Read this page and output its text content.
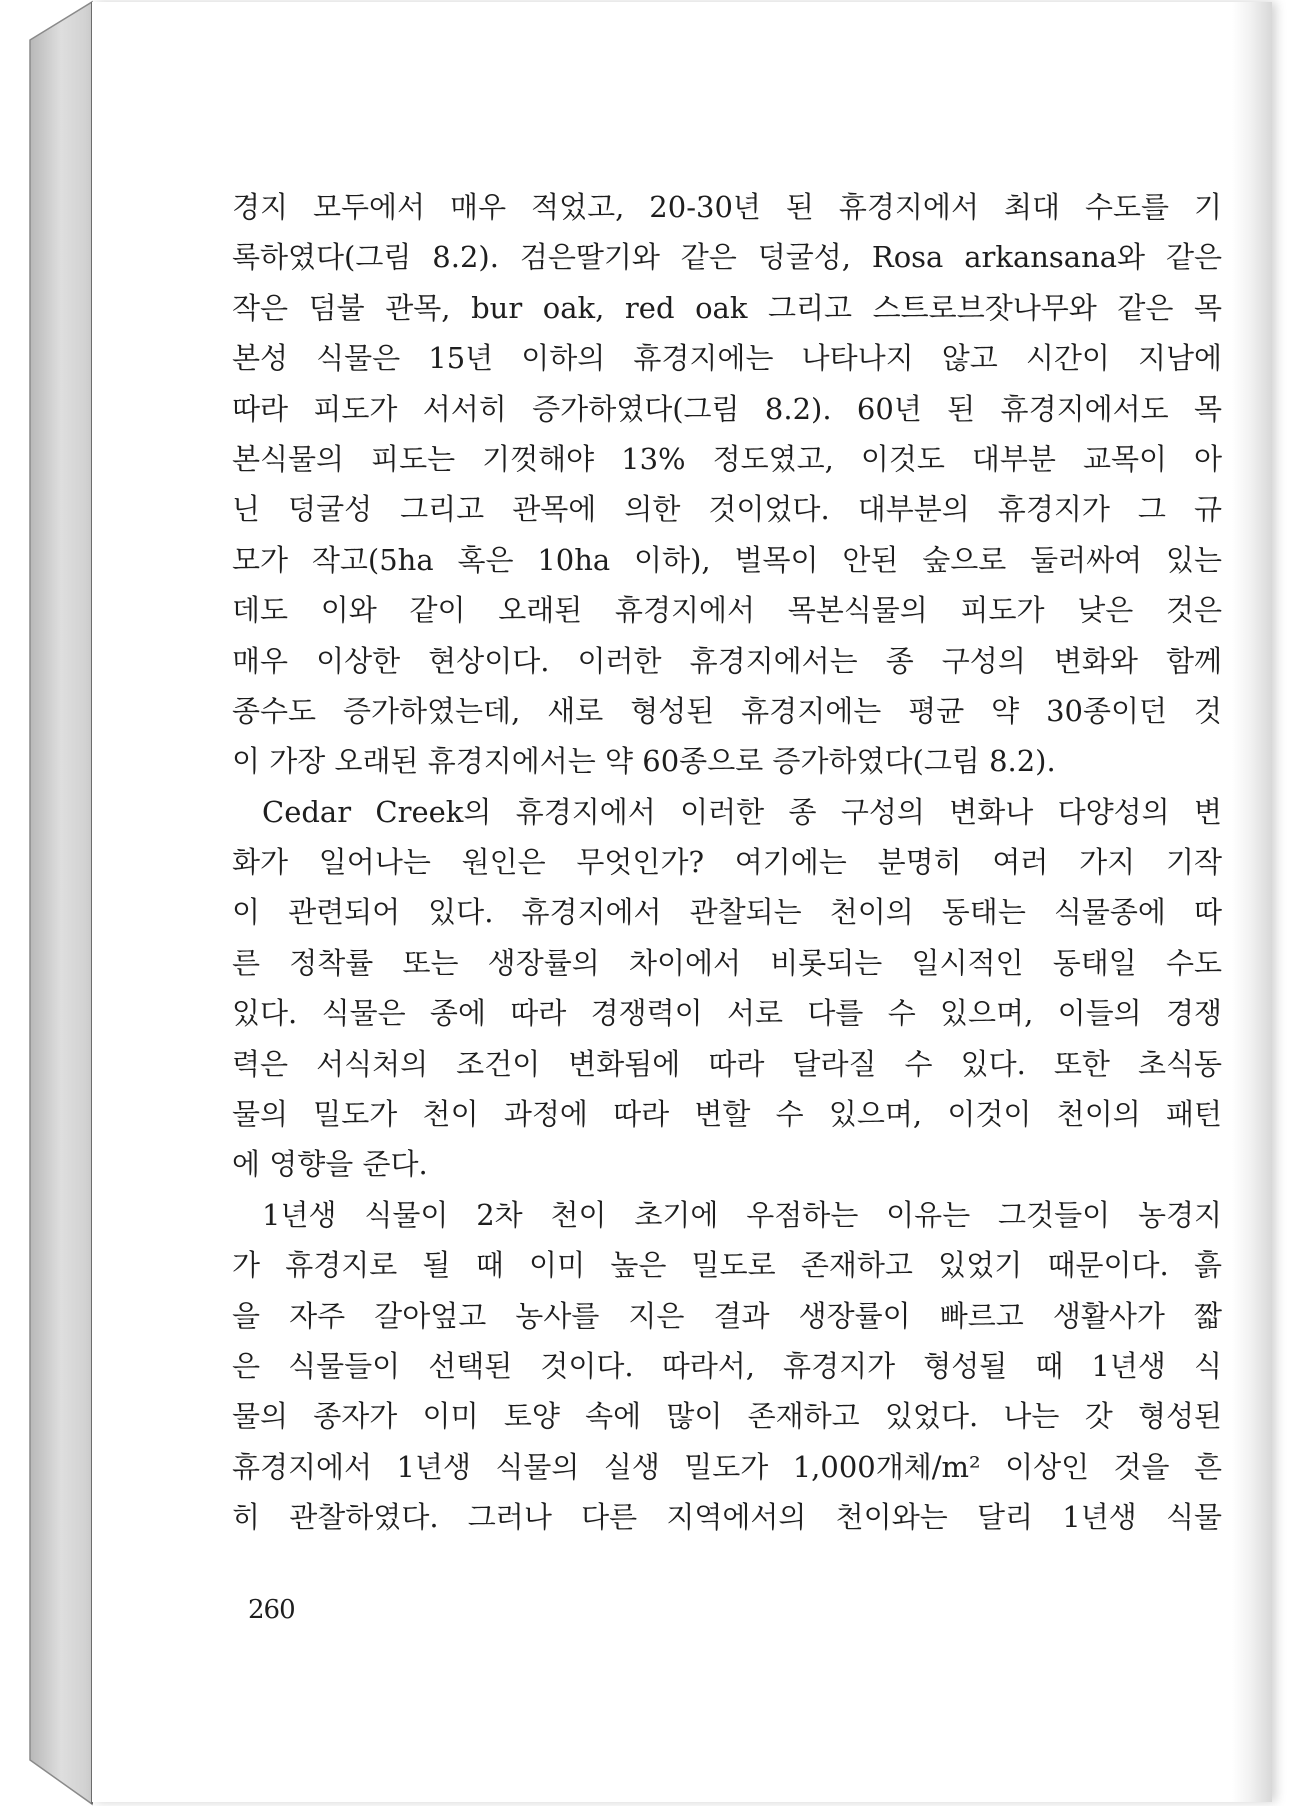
경지 모두에서 매우 적었고, 20-30년 된 휴경지에서 최대 수도를 기
록하였다(그림 8.2). 검은딸기와 같은 덩굴성, Rosa arkansana와 같은
작은 덤불 관목, bur oak, red oak 그리고 스트로브잣나무와 같은 목
본성 식물은 15년 이하의 휴경지에는 나타나지 않고 시간이 지남에
따라 피도가 서서히 증가하였다(그림 8.2). 60년 된 휴경지에서도 목
본식물의 피도는 기껏해야 13% 정도였고, 이것도 대부분 교목이 아
닌 덩굴성 그리고 관목에 의한 것이었다. 대부분의 휴경지가 그 규
모가 작고(5ha 혹은 10ha 이하), 벌목이 안된 숲으로 둘러싸여 있는
데도 이와 같이 오래된 휴경지에서 목본식물의 피도가 낮은 것은
매우 이상한 현상이다. 이러한 휴경지에서는 종 구성의 변화와 함께
종수도 증가하였는데, 새로 형성된 휴경지에는 평균 약 30종이던 것
이 가장 오래된 휴경지에서는 약 60종으로 증가하였다(그림 8.2).

Cedar Creek의 휴경지에서 이러한 종 구성의 변화나 다양성의 변
화가 일어나는 원인은 무엇인가? 여기에는 분명히 여러 가지 기작
이 관련되어 있다. 휴경지에서 관찰되는 천이의 동태는 식물종에 따
른 정착률 또는 생장률의 차이에서 비롯되는 일시적인 동태일 수도
있다. 식물은 종에 따라 경쟁력이 서로 다를 수 있으며, 이들의 경쟁
력은 서식처의 조건이 변화됨에 따라 달라질 수 있다. 또한 초식동
물의 밀도가 천이 과정에 따라 변할 수 있으며, 이것이 천이의 패턴
에 영향을 준다.

1년생 식물이 2차 천이 초기에 우점하는 이유는 그것들이 농경지
가 휴경지로 될 때 이미 높은 밀도로 존재하고 있었기 때문이다. 흙
을 자주 갈아엎고 농사를 지은 결과 생장률이 빠르고 생활사가 짧
은 식물들이 선택된 것이다. 따라서, 휴경지가 형성될 때 1년생 식
물의 종자가 이미 토양 속에 많이 존재하고 있었다. 나는 갓 형성된
휴경지에서 1년생 식물의 실생 밀도가 1,000개체/m² 이상인 것을 흔
히 관찰하였다. 그러나 다른 지역에서의 천이와는 달리 1년생 식물

260
